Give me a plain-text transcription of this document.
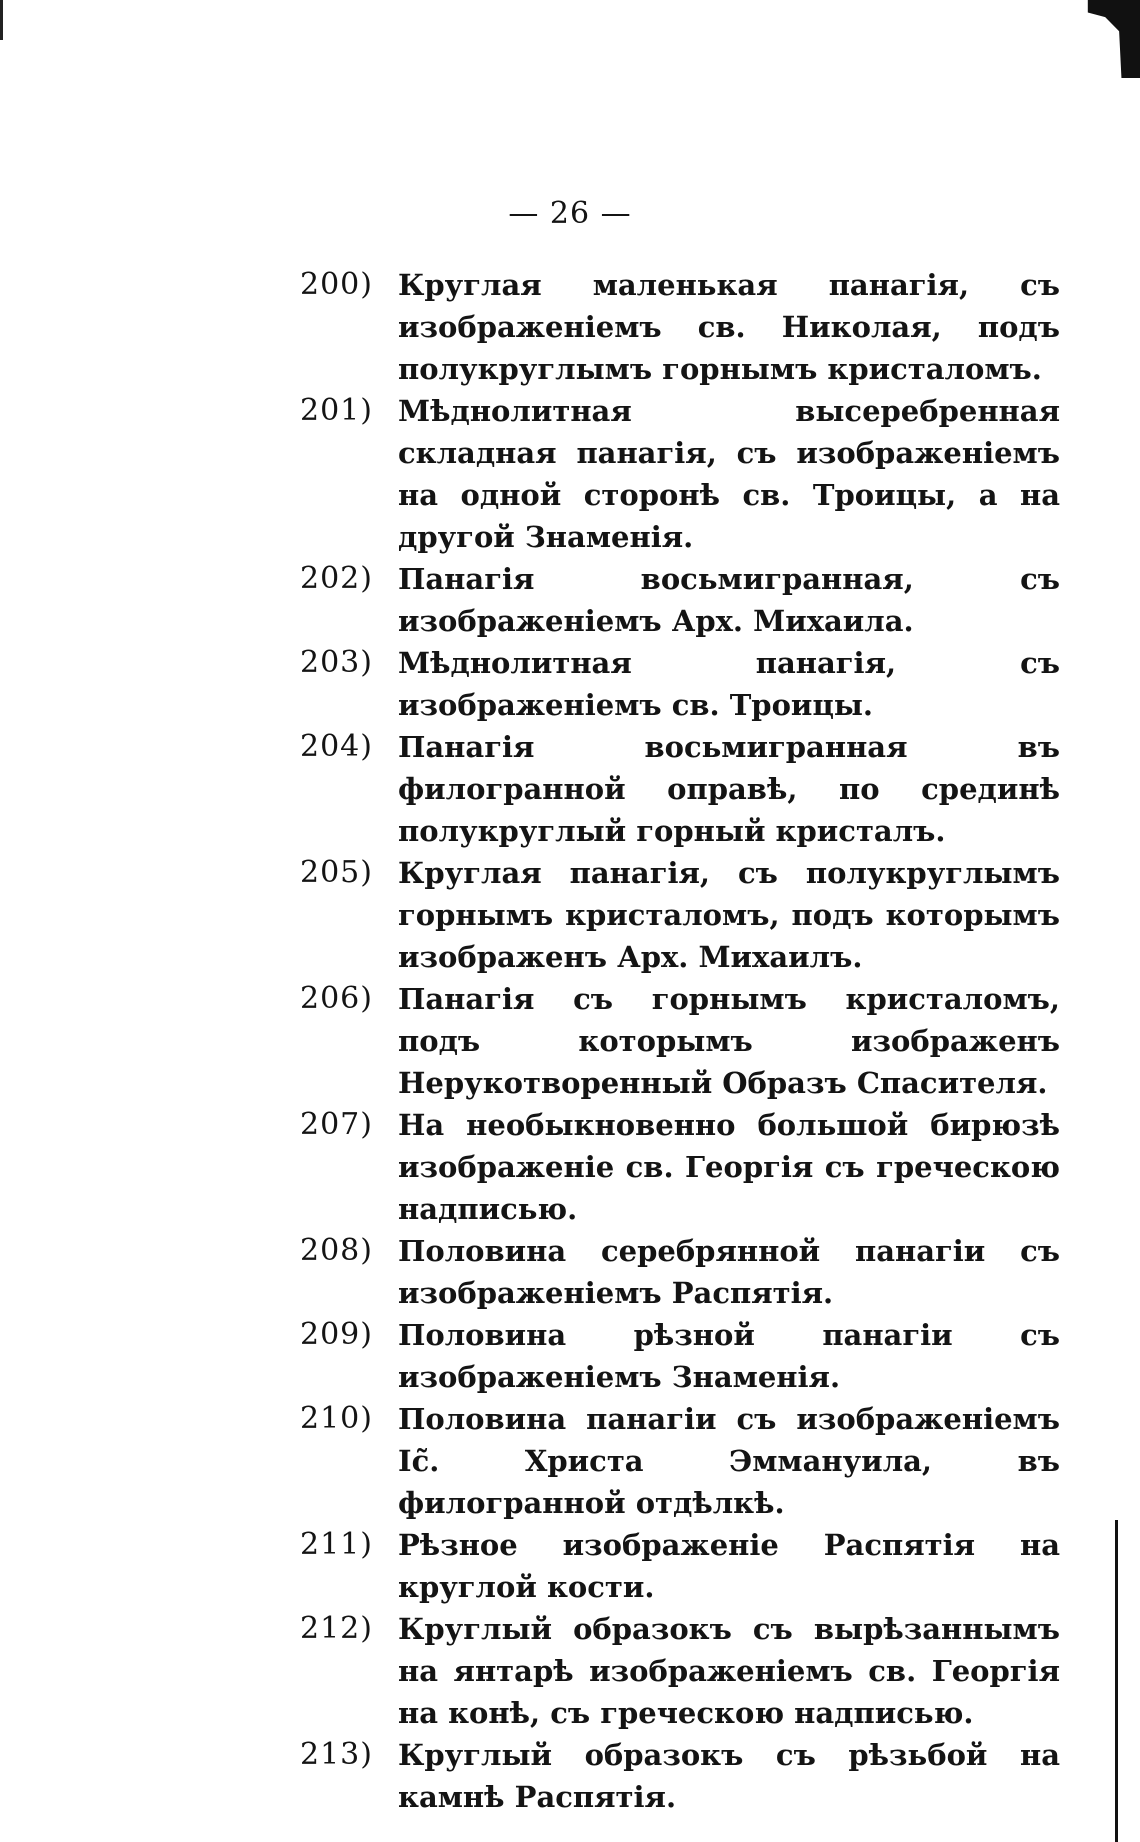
— 26 —
200) Круглая маленькая панагія, съ изображеніемъ св. Николая, подъ полукруглымъ горнымъ кристаломъ.
201) Мѣднолитная высеребренная складная панагія, съ изображеніемъ на одной сторонѣ св. Троицы, а на другой Знаменія.
202) Панагія восьмигранная, съ изображеніемъ Арх. Михаила.
203) Мѣднолитная панагія, съ изображеніемъ св. Троицы.
204) Панагія восьмигранная въ филогранной оправѣ, по срединѣ полукруглый горный кристалъ.
205) Круглая панагія, съ полукруглымъ горнымъ кристаломъ, подъ которымъ изображенъ Арх. Михаилъ.
206) Панагія съ горнымъ кристаломъ, подъ которымъ изображенъ Нерукотворенный Образъ Спасителя.
207) На необыкновенно большой бирюзѣ изображеніе св. Георгія съ греческою надписью.
208) Половина серебрянной панагіи съ изображеніемъ Распятія.
209) Половина рѣзной панагіи съ изображеніемъ Знаменія.
210) Половина панагіи съ изображеніемъ Іс̃. Христа Эммануила, въ филогранной отдѣлкѣ.
211) Рѣзное изображеніе Распятія на круглой кости.
212) Круглый образокъ съ вырѣзаннымъ на янтарѣ изображеніемъ св. Георгія на конѣ, съ греческою надписью.
213) Круглый образокъ съ рѣзьбой на камнѣ Распятія.
